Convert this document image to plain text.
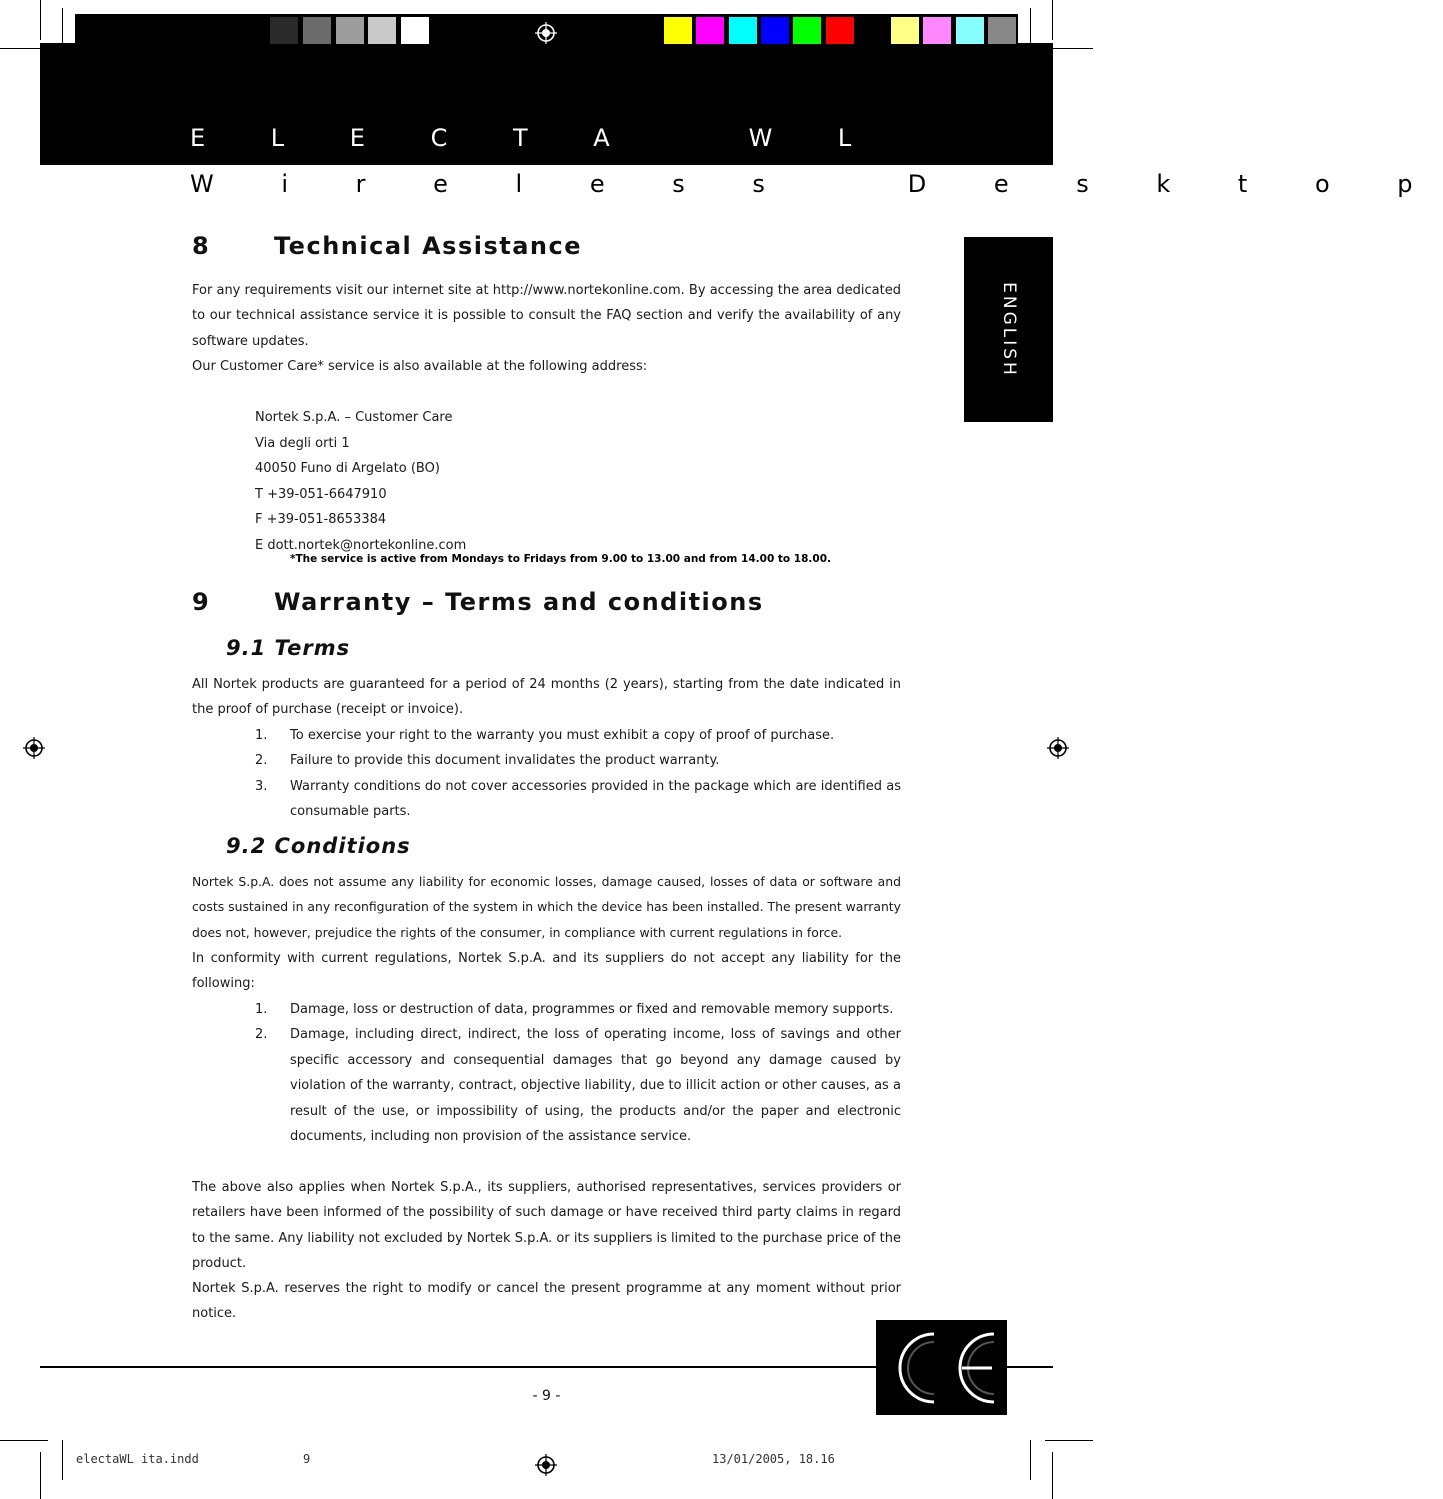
E L E C T A   W L
W i r e l e s s   D e s k t o p
ENGLISH
8	Technical Assistance
For any requirements visit our internet site at http://www.nortekonline.com. By accessing the area dedicated to our technical assistance service it is possible to consult the FAQ section and verify the availability of any software updates.
Our Customer Care* service is also available at the following address:
Nortek S.p.A. – Customer Care
Via degli orti 1
40050 Funo di Argelato (BO)
T +39-051-6647910
F +39-051-8653384
E dott.nortek@nortekonline.com
*The service is active from Mondays to Fridays from 9.00 to 13.00 and from 14.00 to 18.00.
9	Warranty – Terms and conditions
9.1 Terms
All Nortek products are guaranteed for a period of 24 months (2 years), starting from the date indicated in the proof of purchase (receipt or invoice).
1. To exercise your right to the warranty you must exhibit a copy of proof of purchase.
2. Failure to provide this document invalidates the product warranty.
3. Warranty conditions do not cover accessories provided in the package which are identified as consumable parts.
9.2 Conditions
Nortek S.p.A. does not assume any liability for economic losses, damage caused, losses of data or software and costs sustained in any reconfiguration of the system in which the device has been installed. The present warranty does not, however, prejudice the rights of the consumer, in compliance with current regulations in force.
In conformity with current regulations, Nortek S.p.A. and its suppliers do not accept any liability for the following:
1. Damage, loss or destruction of data, programmes or fixed and removable memory supports.
2. Damage, including direct, indirect, the loss of operating income, loss of savings and other specific accessory and consequential damages that go beyond any damage caused by violation of the warranty, contract, objective liability, due to illicit action or other causes, as a result of the use, or impossibility of using, the products and/or the paper and electronic documents, including non provision of the assistance service.
The above also applies when Nortek S.p.A., its suppliers, authorised representatives, services providers or retailers have been informed of the possibility of such damage or have received third party claims in regard to the same. Any liability not excluded by Nortek S.p.A. or its suppliers is limited to the purchase price of the product.
Nortek S.p.A. reserves the right to modify or cancel the present programme at any moment without prior notice.
- 9 -
electaWL ita.indd	9	13/01/2005, 18.16
